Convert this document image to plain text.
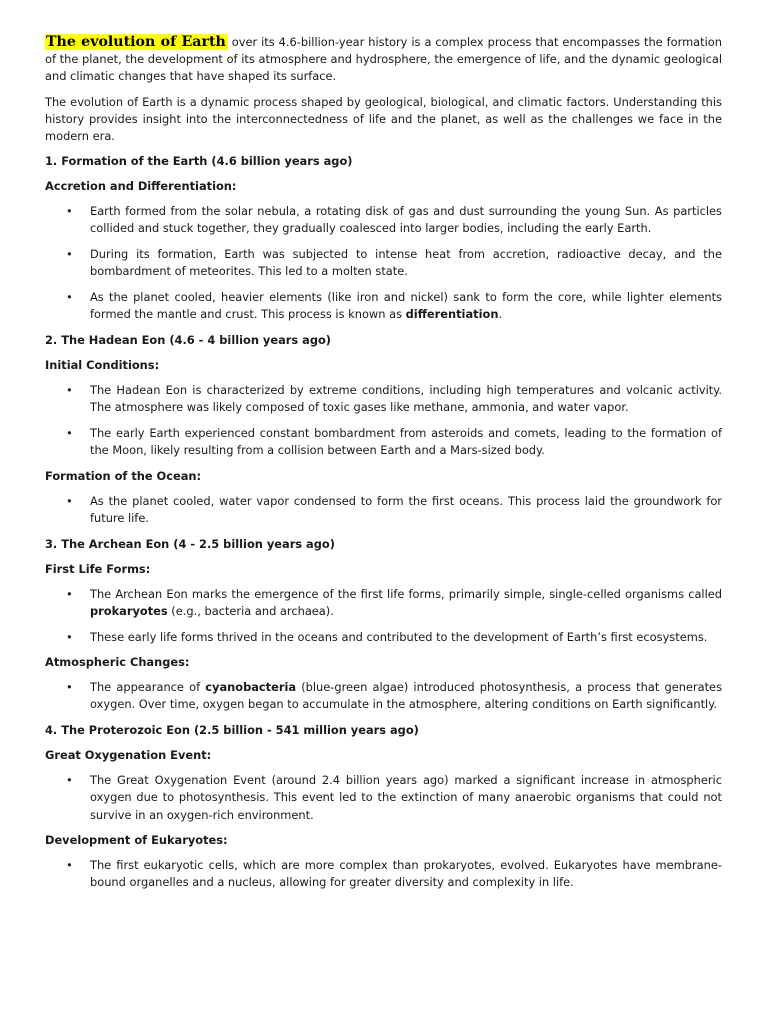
The evolution of Earth over its 4.6-billion-year history is a complex process that encompasses the formation of the planet, the development of its atmosphere and hydrosphere, the emergence of life, and the dynamic geological and climatic changes that have shaped its surface.

The evolution of Earth is a dynamic process shaped by geological, biological, and climatic factors. Understanding this history provides insight into the interconnectedness of life and the planet, as well as the challenges we face in the modern era.

1. Formation of the Earth (4.6 billion years ago)

Accretion and Differentiation:

• Earth formed from the solar nebula, a rotating disk of gas and dust surrounding the young Sun. As particles collided and stuck together, they gradually coalesced into larger bodies, including the early Earth.
• During its formation, Earth was subjected to intense heat from accretion, radioactive decay, and the bombardment of meteorites. This led to a molten state.
• As the planet cooled, heavier elements (like iron and nickel) sank to form the core, while lighter elements formed the mantle and crust. This process is known as differentiation.

2. The Hadean Eon (4.6 - 4 billion years ago)

Initial Conditions:

• The Hadean Eon is characterized by extreme conditions, including high temperatures and volcanic activity. The atmosphere was likely composed of toxic gases like methane, ammonia, and water vapor.
• The early Earth experienced constant bombardment from asteroids and comets, leading to the formation of the Moon, likely resulting from a collision between Earth and a Mars-sized body.

Formation of the Ocean:

• As the planet cooled, water vapor condensed to form the first oceans. This process laid the groundwork for future life.

3. The Archean Eon (4 - 2.5 billion years ago)

First Life Forms:

• The Archean Eon marks the emergence of the first life forms, primarily simple, single-celled organisms called prokaryotes (e.g., bacteria and archaea).
• These early life forms thrived in the oceans and contributed to the development of Earth’s first ecosystems.

Atmospheric Changes:

• The appearance of cyanobacteria (blue-green algae) introduced photosynthesis, a process that generates oxygen. Over time, oxygen began to accumulate in the atmosphere, altering conditions on Earth significantly.

4. The Proterozoic Eon (2.5 billion - 541 million years ago)

Great Oxygenation Event:

• The Great Oxygenation Event (around 2.4 billion years ago) marked a significant increase in atmospheric oxygen due to photosynthesis. This event led to the extinction of many anaerobic organisms that could not survive in an oxygen-rich environment.

Development of Eukaryotes:

• The first eukaryotic cells, which are more complex than prokaryotes, evolved. Eukaryotes have membrane-bound organelles and a nucleus, allowing for greater diversity and complexity in life.
